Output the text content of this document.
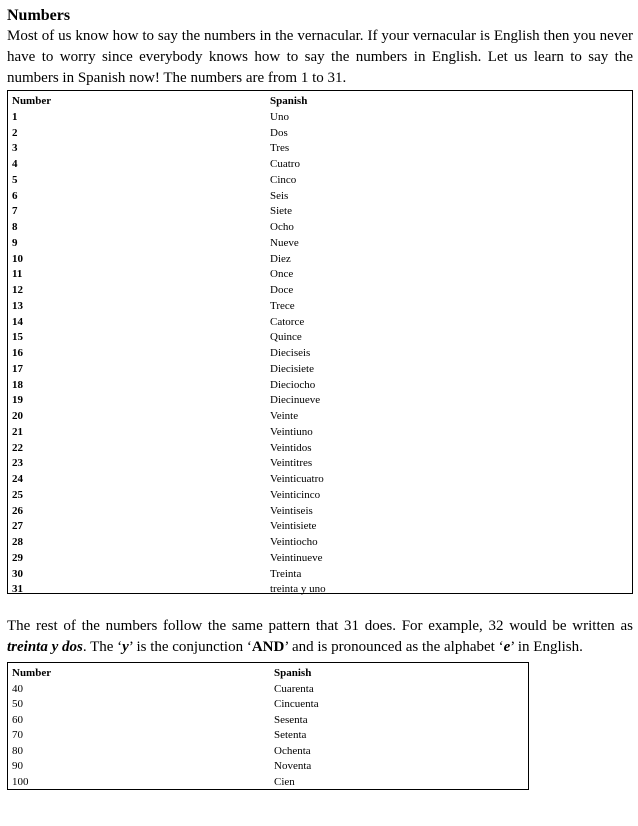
Numbers

Most of us know how to say the numbers in the vernacular. If your vernacular is English then you never have to worry since everybody knows how to say the numbers in English. Let us learn to say the numbers in Spanish now! The numbers are from 1 to 31.

Number	Spanish
1	Uno
2	Dos
3	Tres
4	Cuatro
5	Cinco
6	Seis
7	Siete
8	Ocho
9	Nueve
10	Diez
11	Once
12	Doce
13	Trece
14	Catorce
15	Quince
16	Dieciseis
17	Diecisiete
18	Dieciocho
19	Diecinueve
20	Veinte
21	Veintiuno
22	Veintidos
23	Veintitres
24	Veinticuatro
25	Veinticinco
26	Veintiseis
27	Veintisiete
28	Veintiocho
29	Veintinueve
30	Treinta
31	treinta y uno

The rest of the numbers follow the same pattern that 31 does. For example, 32 would be written as treinta y dos. The ‘y’ is the conjunction ‘AND’ and is pronounced as the alphabet ‘e’ in English.

Number	Spanish
40	Cuarenta
50	Cincuenta
60	Sesenta
70	Setenta
80	Ochenta
90	Noventa
100	Cien
